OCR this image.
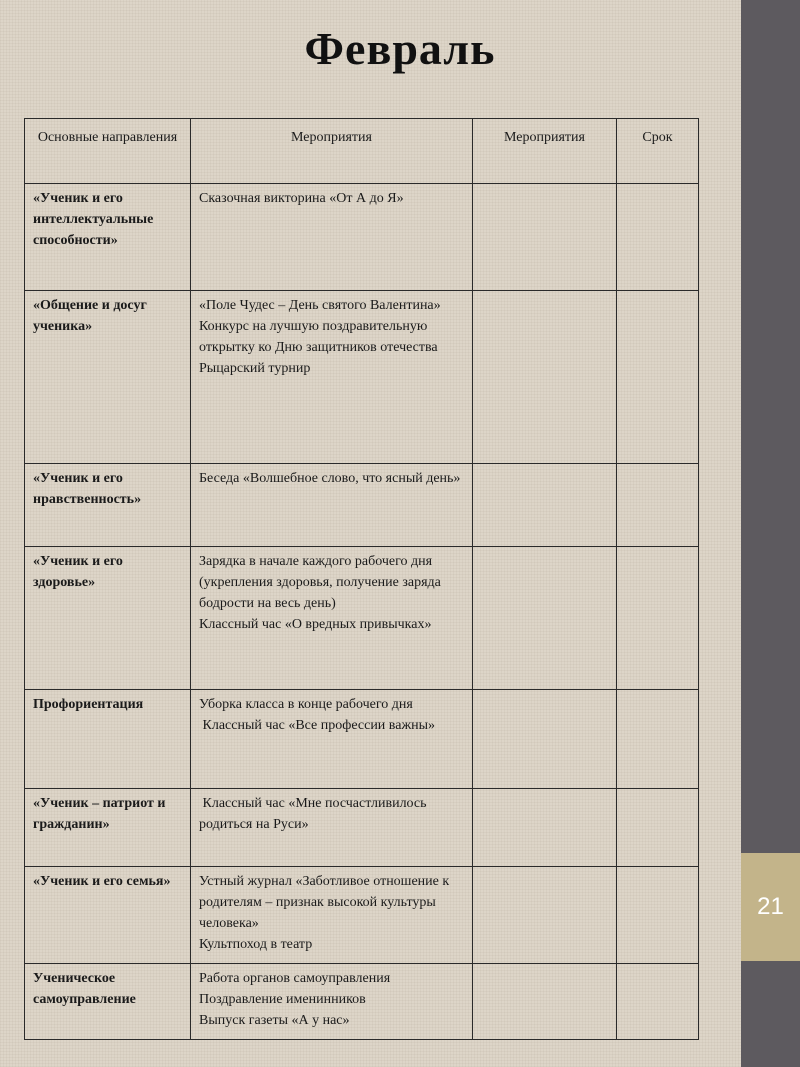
21
Февраль
Основные направления	Мероприятия	Мероприятия	Срок
«Ученик и его интеллектуальные способности»	Сказочная викторина «От А до Я»		

«Общение и досуг ученика»	«Поле Чудес – День святого Валентина»
Конкурс на лучшую поздравительную открытку ко Дню защитников отечества
Рыцарский турнир		

«Ученик и его нравственность»	Беседа «Волшебное слово, что ясный день»		

«Ученик и его здоровье»	Зарядка в начале каждого рабочего дня (укрепления здоровья, получение заряда бодрости на весь день)
Классный час «О вредных привычках»		

Профориентация	Уборка класса в конце рабочего дня
Классный час «Все профессии важны»		

«Ученик – патриот и гражданин»	Классный час «Мне посчастливилось родиться на Руси»		

«Ученик и его семья»	Устный журнал «Заботливое отношение к родителям – признак высокой культуры человека»
Культпоход в театр		

Ученическое самоуправление	Работа органов самоуправления
Поздравление именинников
Выпуск газеты «А у нас»		
